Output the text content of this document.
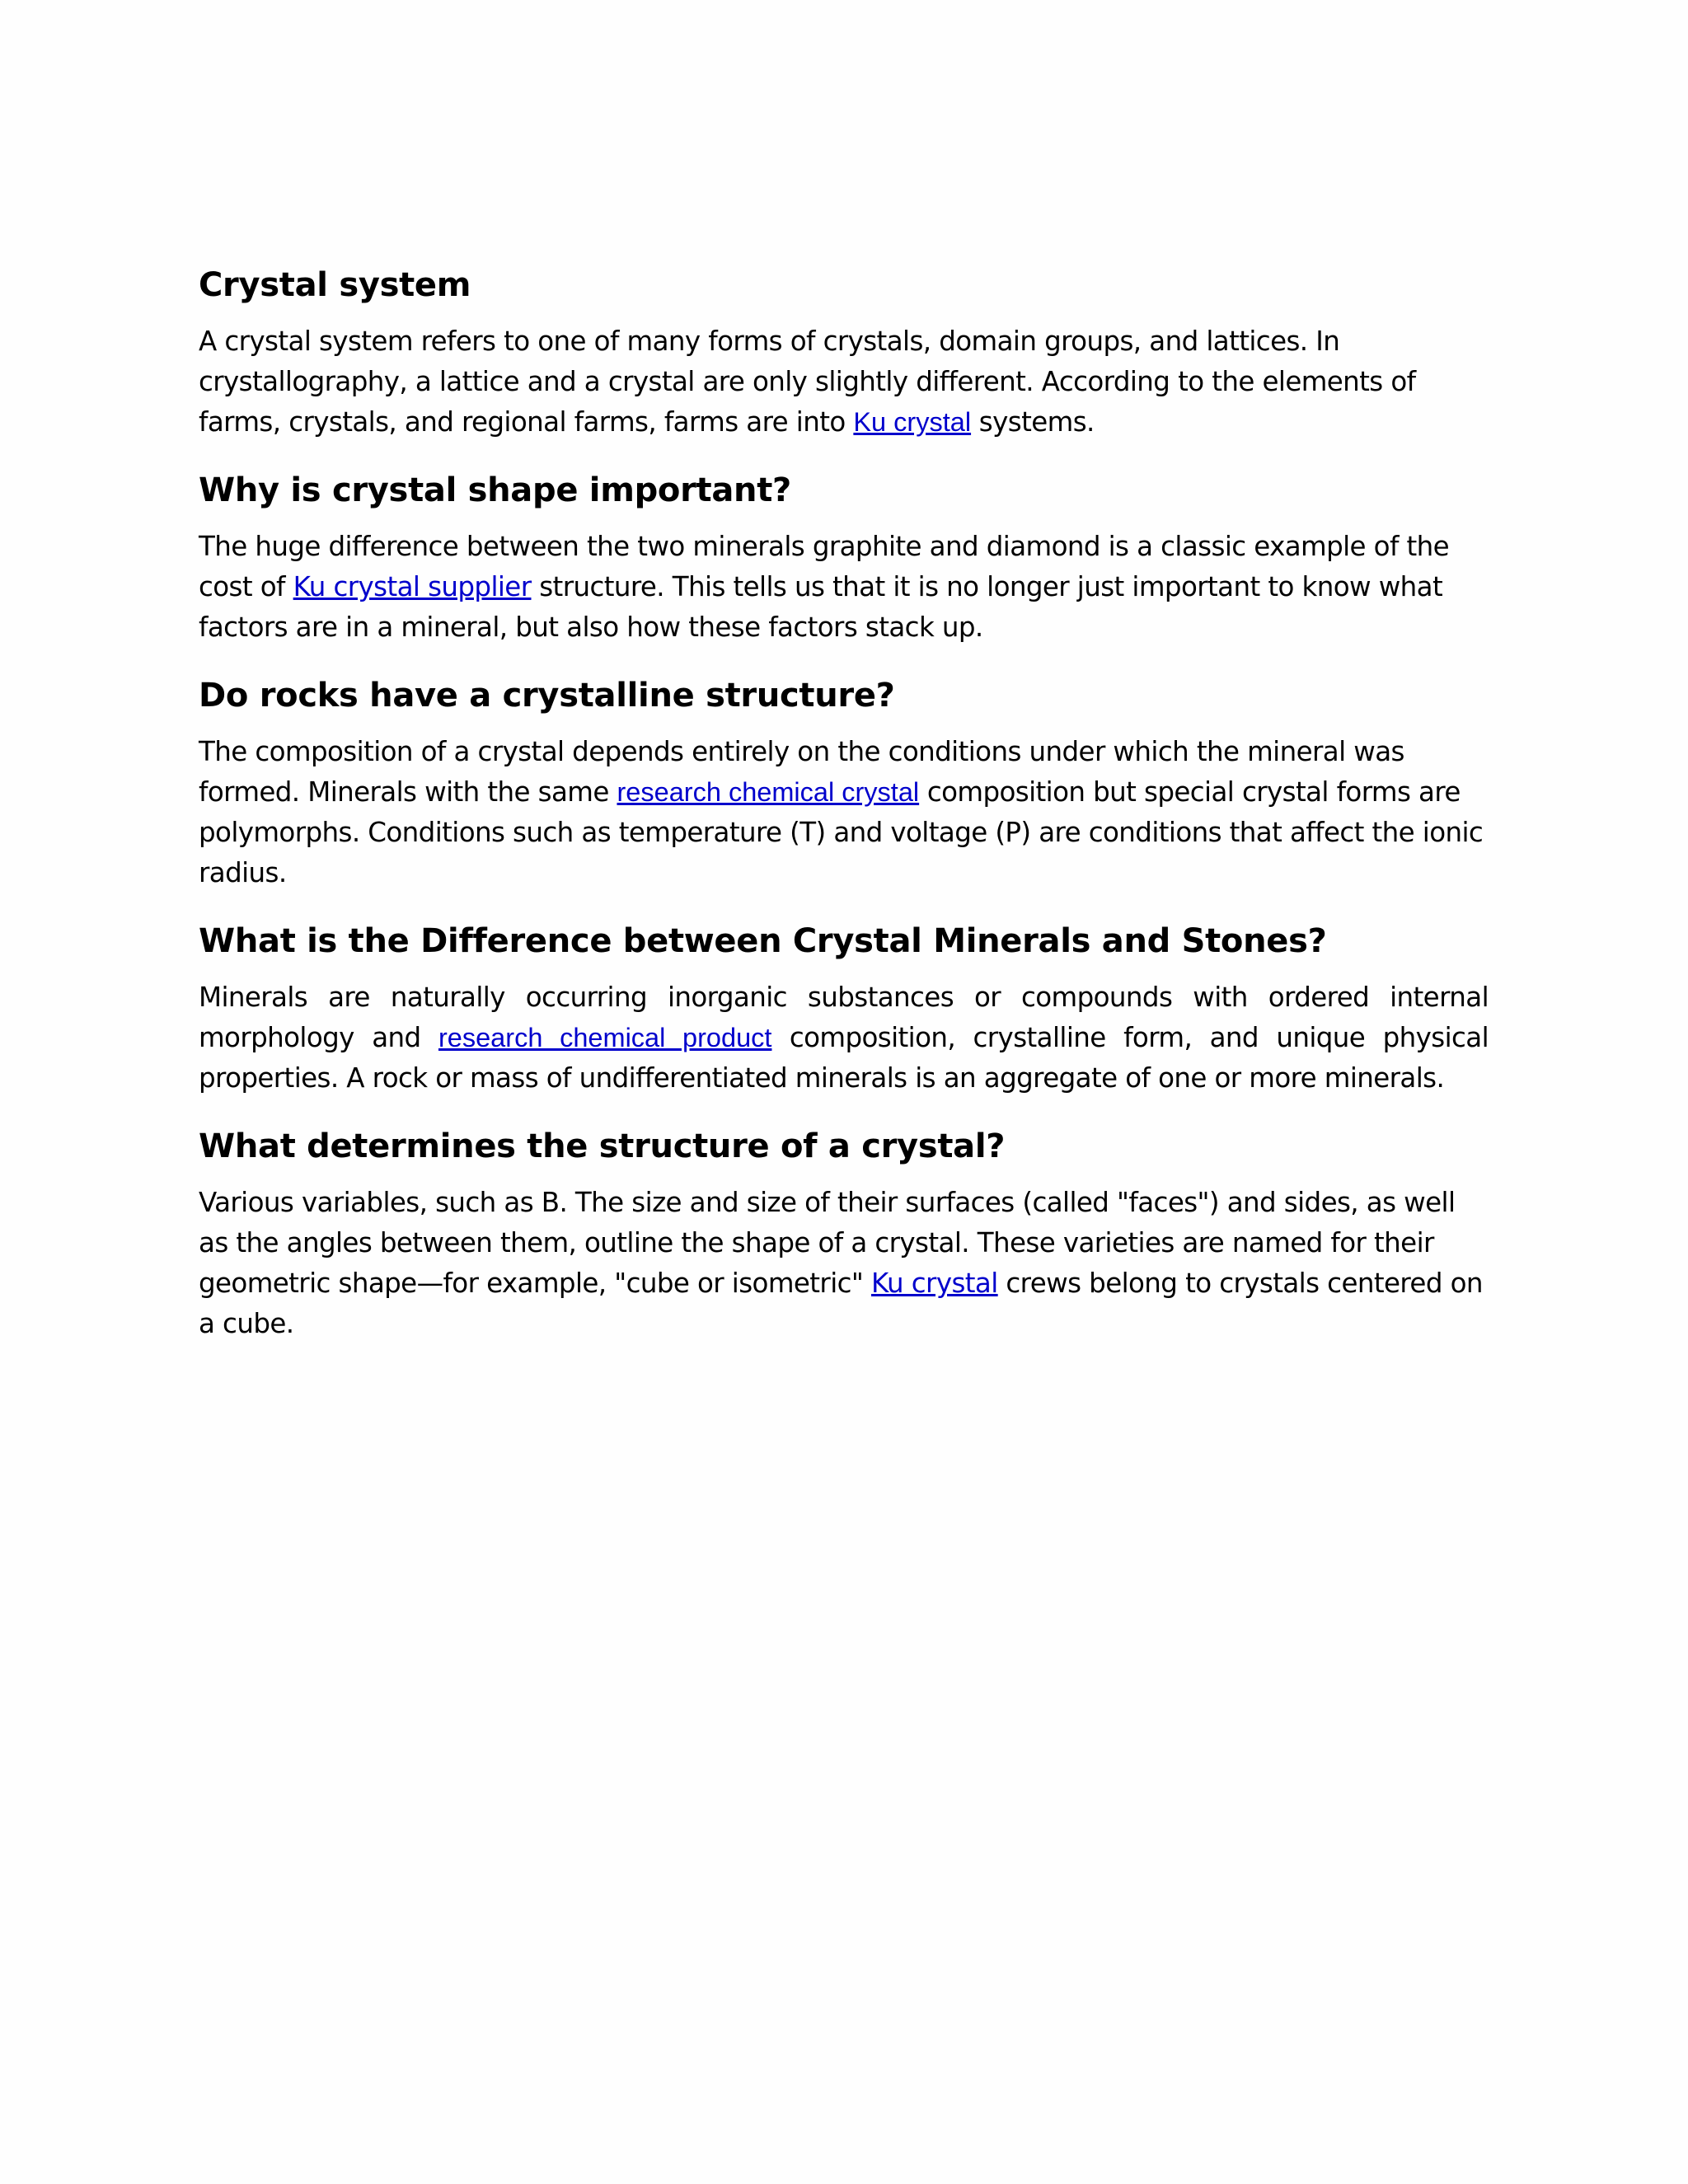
Crystal system

A crystal system refers to one of many forms of crystals, domain groups, and lattices. In crystallography, a lattice and a crystal are only slightly different. According to the elements of farms, crystals, and regional farms, farms are into Ku crystal systems.

Why is crystal shape important?

The huge difference between the two minerals graphite and diamond is a classic example of the cost of Ku crystal supplier structure. This tells us that it is no longer just important to know what factors are in a mineral, but also how these factors stack up.

Do rocks have a crystalline structure?

The composition of a crystal depends entirely on the conditions under which the mineral was formed. Minerals with the same research chemical crystal composition but special crystal forms are polymorphs. Conditions such as temperature (T) and voltage (P) are conditions that affect the ionic radius.

What is the Difference between Crystal Minerals and Stones?

Minerals are naturally occurring inorganic substances or compounds with ordered internal morphology and research chemical product composition, crystalline form, and unique physical properties. A rock or mass of undifferentiated minerals is an aggregate of one or more minerals.

What determines the structure of a crystal?

Various variables, such as B. The size and size of their surfaces (called "faces") and sides, as well as the angles between them, outline the shape of a crystal. These varieties are named for their geometric shape—for example, "cube or isometric" Ku crystal crews belong to crystals centered on a cube.
